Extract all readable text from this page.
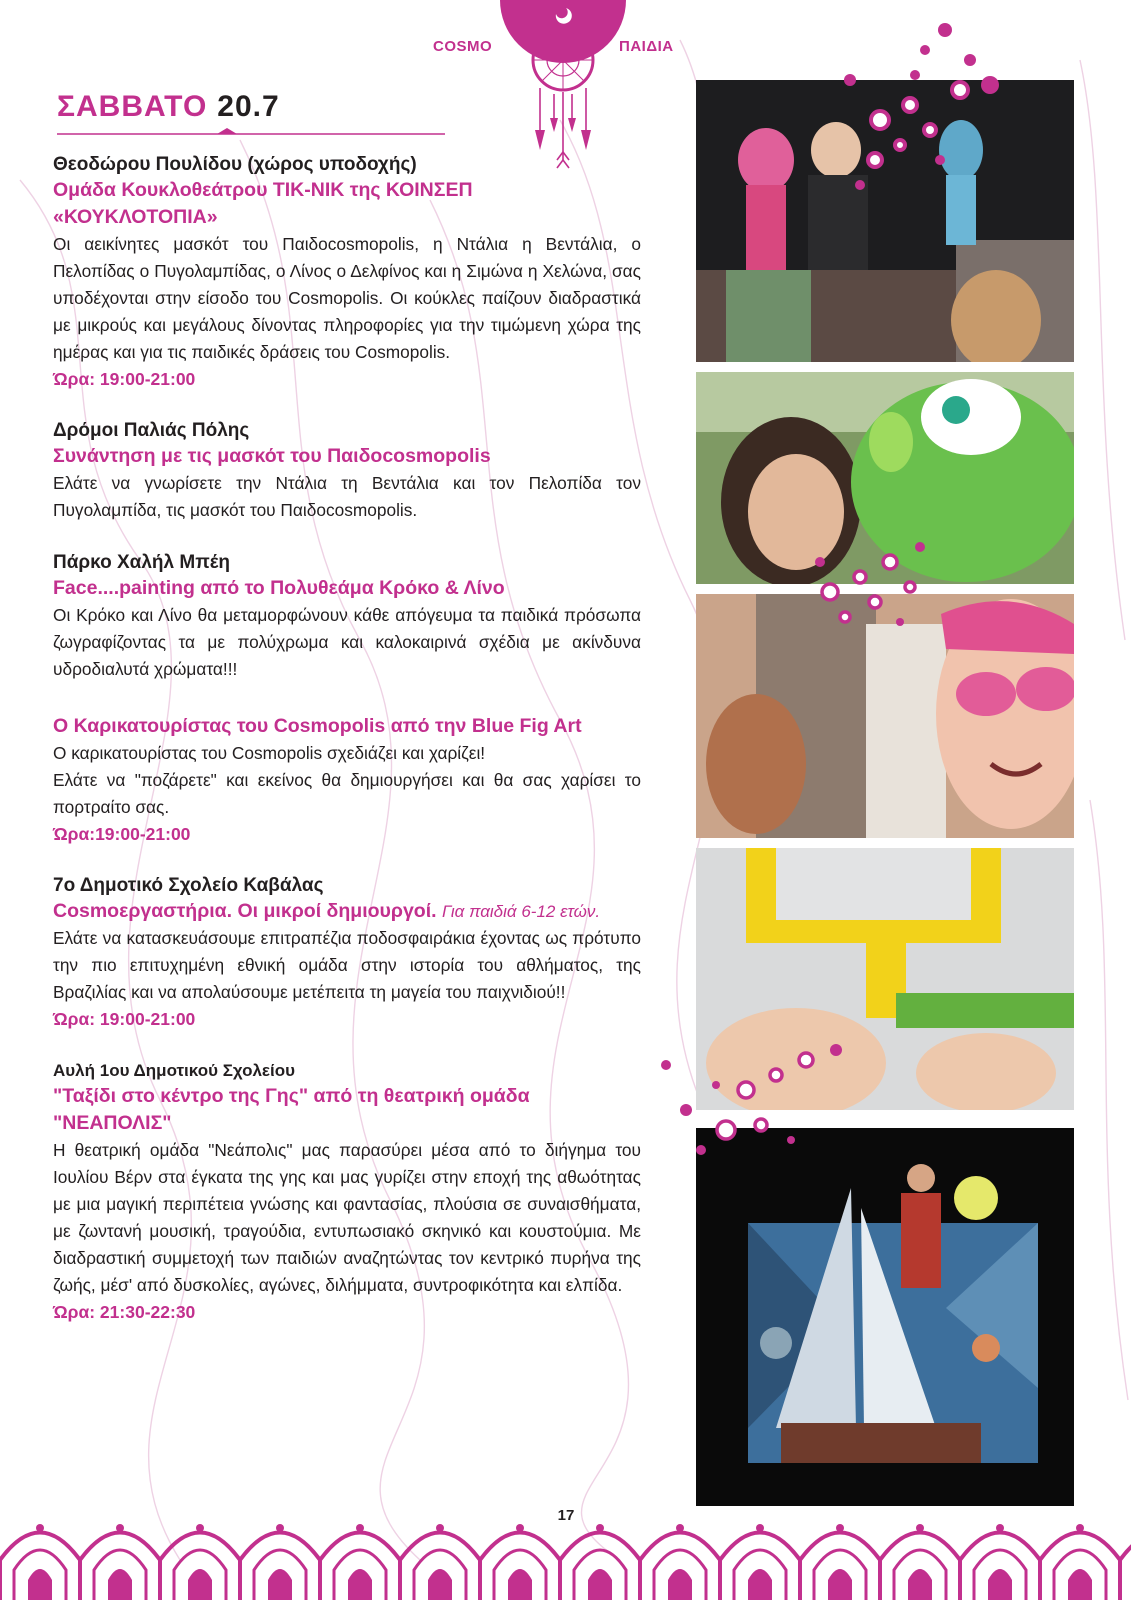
COSMO	ΠΑΙΔΙΑ
ΣΑΒΒΑΤΟ 20.7
Θεοδώρου Πουλίδου (χώρος υποδοχής)
Ομάδα Κουκλοθεάτρου ΤΙΚ-ΝΙΚ της ΚΟΙΝΣΕΠ «ΚΟΥΚΛΟΤΟΠΙΑ»
Οι αεικίνητες μασκότ του Παιδοcosmopolis, η Ντάλια η Βεντάλια, ο Πελοπίδας ο Πυγολαμπίδας, ο Λίνος ο Δελφίνος και η Σιμώνα η Χελώνα, σας υποδέχονται στην είσοδο του Cosmopolis. Οι κούκλες παίζουν διαδραστικά με μικρούς και μεγάλους δίνοντας πληροφορίες για την τιμώμενη χώρα της ημέρας και για τις παιδικές δράσεις του Cosmopolis.
Ώρα: 19:00-21:00
Δρόμοι Παλιάς Πόλης
Συνάντηση με τις μασκότ του Παιδοcosmopolis
Ελάτε να γνωρίσετε την Ντάλια τη Βεντάλια και τον Πελοπίδα τον Πυγολαμπίδα, τις μασκότ του Παιδοcosmopolis.
Πάρκο Χαλήλ Μπέη
Face....painting από το Πολυθεάμα Κρόκο & Λίνο
Οι Κρόκο και Λίνο θα μεταμορφώνουν κάθε απόγευμα τα παιδικά πρόσωπα ζωγραφίζοντας τα με πολύχρωμα και καλοκαιρινά σχέδια με ακίνδυνα υδροδιαλυτά χρώματα!!!
Ο Καρικατουρίστας του Cosmopolis από την Blue Fig Art
Ο καρικατουρίστας του Cosmopolis σχεδιάζει και χαρίζει!
Ελάτε να "ποζάρετε" και εκείνος θα δημιουργήσει και θα σας χαρίσει το πορτραίτο σας.
Ώρα:19:00-21:00
7ο Δημοτικό Σχολείο Καβάλας
Cosmoεργαστήρια. Οι μικροί δημιουργοί. Για παιδιά 6-12 ετών.
Ελάτε να κατασκευάσουμε επιτραπέζια ποδοσφαιράκια έχοντας ως πρότυπο την πιο επιτυχημένη εθνική ομάδα στην ιστορία του αθλήματος, της Βραζιλίας και να απολαύσουμε μετέπειτα τη μαγεία του παιχνιδιού!!
Ώρα: 19:00-21:00
Αυλή 1ου Δημοτικού Σχολείου
"Ταξίδι στο κέντρο της Γης" από τη θεατρική ομάδα "ΝΕΑΠΟΛΙΣ"
Η θεατρική ομάδα "Νεάπολις" μας παρασύρει μέσα από το διήγημα του Ιουλίου Βέρν στα έγκατα της γης και μας γυρίζει στην εποχή της αθωότητας με μια μαγική περιπέτεια γνώσης και φαντασίας, πλούσια σε συναισθήματα, με ζωντανή μουσική, τραγούδια, εντυπωσιακό σκηνικό και κουστούμια. Με διαδραστική συμμετοχή των παιδιών αναζητώντας τον κεντρικό πυρήνα της ζωής, μέσ' από δυσκολίες, αγώνες, διλήμματα, συντροφικότητα και ελπίδα.
Ώρα: 21:30-22:30
17
